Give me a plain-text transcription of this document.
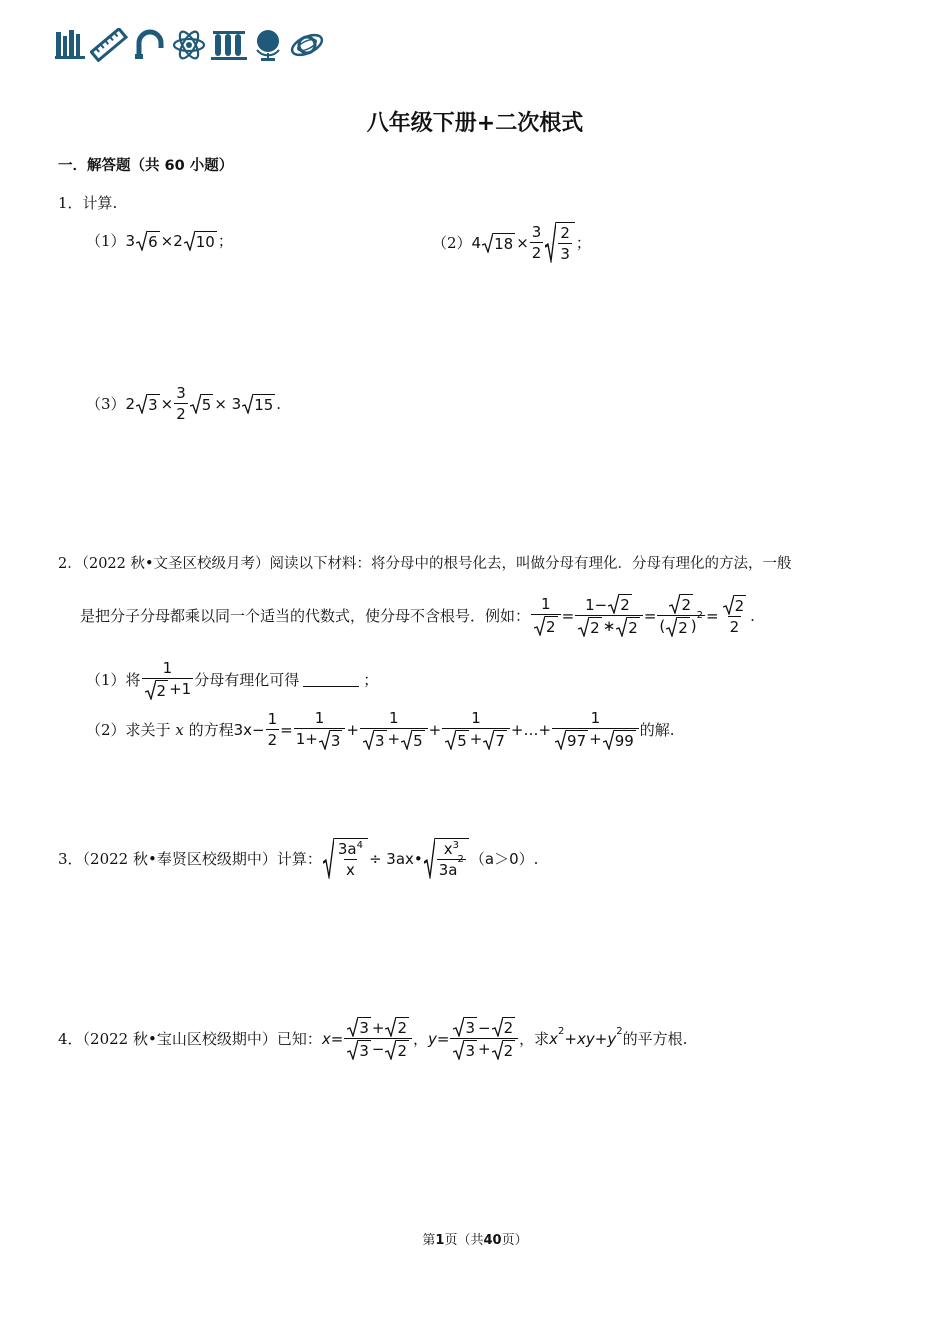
八年级下册+二次根式
一．解答题（共 60 小题）
1．计算.
（1） 3 6 ×2 10 ；	（2） 4 $18 \times \frac{3}{2} \frac{2}{3}$ ；
（3） 2 $3 \times \frac{3}{2} 5 \times 3$ 15 .
2．（2022 秋•文圣区校级月考）阅读以下材料：将分母中的根号化去，叫做分母有理化．分母有理化的方法，一般
是把分子分母都乘以同一个适当的代数式，使分母不含根号．例如： $\frac{1}{2} = \frac{1- 2}{2 ∗ 2} = 2$
( 2 )
$2 = \frac{2}{2}$ .
（1）将 $\frac{1}{2 +1}$ 分母有理化可得	；
（2）求关于
x
的方程 $3x- \frac{1}{2} = \frac{1}{1+ 3} + \frac{1}{3 + 5} + \frac{1}{5 + 7}$ +…+ $\frac{1}{97 + 99}$ 的解.
3．（2022 秋•奉贤区校级期中）计算： $\frac{3a 4}{x}$ ÷ 3ax• x 3
3a
2 （a＞0）.
4．（2022 秋•宝山区校级期中）已知： $x = \frac{3 + 2}{3 - 2}$ ， $y = \frac{3 - 2}{3 + 2}$ ，求 x 2 + xy + y 2 的平方根.
第1页（共40页）
